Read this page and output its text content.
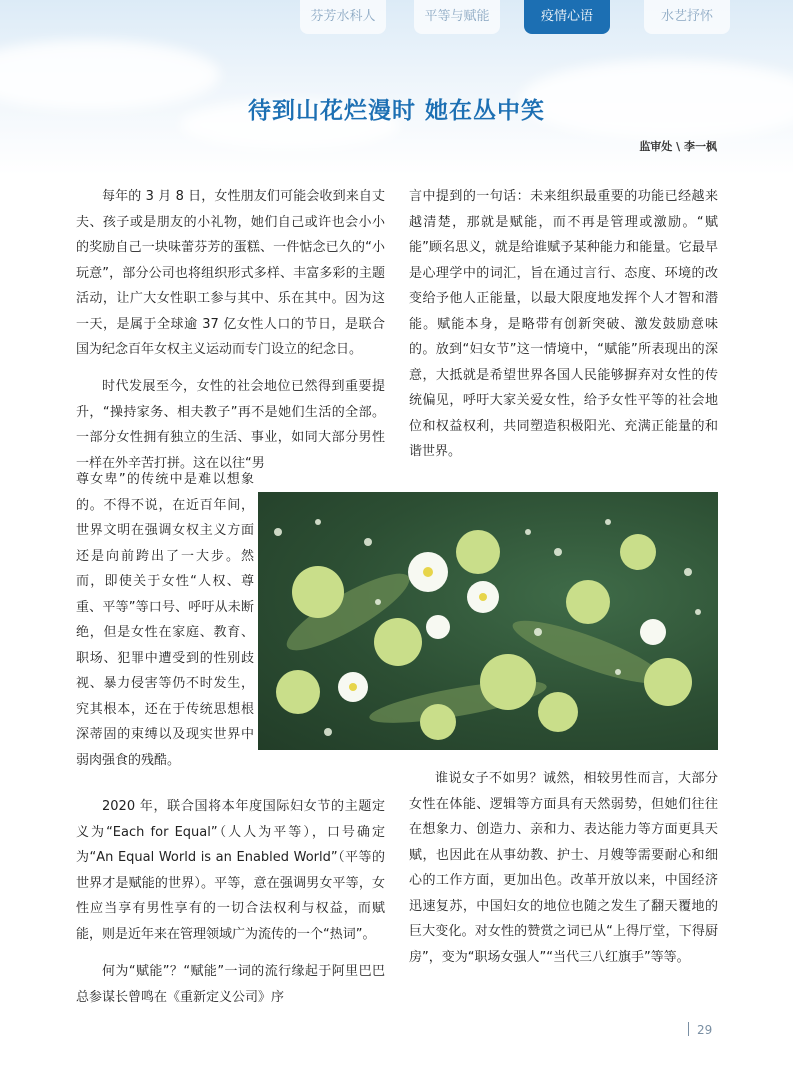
芬芳水科人	平等与赋能	疫情心语	水艺抒怀
待到山花烂漫时 她在丛中笑
监审处 \ 李一枫
每年的 3 月 8 日，女性朋友们可能会收到来自丈夫、孩子或是朋友的小礼物，她们自己或许也会小小的奖励自己一块味蕾芬芳的蛋糕、一件惦念已久的“小玩意”，部分公司也将组织形式多样、丰富多彩的主题活动，让广大女性职工参与其中、乐在其中。因为这一天，是属于全球逾 37 亿女性人口的节日，是联合国为纪念百年女权主义运动而专门设立的纪念日。
时代发展至今，女性的社会地位已然得到重要提升，“操持家务、相夫教子”再不是她们生活的全部。一部分女性拥有独立的生活、事业，如同大部分男性一样在外辛苦打拼。这在以往“男
尊女卑”的传统中是难以想象的。不得不说，在近百年间，世界文明在强调女权主义方面还是向前跨出了一大步。然而，即使关于女性“人权、尊重、平等”等口号、呼吁从未断绝，但是女性在家庭、教育、职场、犯罪中遭受到的性别歧视、暴力侵害等仍不时发生，究其根本，还在于传统思想根深蒂固的束缚以及现实世界中弱肉强食的残酷。
2020 年，联合国将本年度国际妇女节的主题定义为“Each for Equal”（人人为平等），口号确定为“An Equal World is an Enabled World”（平等的世界才是赋能的世界）。平等，意在强调男女平等，女性应当享有男性享有的一切合法权利与权益，而赋能，则是近年来在管理领域广为流传的一个“热词”。
何为“赋能”？“赋能”一词的流行缘起于阿里巴巴总参谋长曾鸣在《重新定义公司》序
言中提到的一句话：未来组织最重要的功能已经越来越清楚，那就是赋能，而不再是管理或激励。“赋能”顾名思义，就是给谁赋予某种能力和能量。它最早是心理学中的词汇，旨在通过言行、态度、环境的改变给予他人正能量，以最大限度地发挥个人才智和潜能。赋能本身，是略带有创新突破、激发鼓励意味的。放到“妇女节”这一情境中，“赋能”所表现出的深意，大抵就是希望世界各国人民能够摒弃对女性的传统偏见，呼吁大家关爱女性，给予女性平等的社会地位和权益权利，共同塑造积极阳光、充满正能量的和谐世界。
谁说女子不如男？诚然，相较男性而言，大部分女性在体能、逻辑等方面具有天然弱势，但她们往往在想象力、创造力、亲和力、表达能力等方面更具天赋，也因此在从事幼教、护士、月嫂等需要耐心和细心的工作方面，更加出色。改革开放以来，中国经济迅速复苏，中国妇女的地位也随之发生了翻天覆地的巨大变化。对女性的赞赏之词已从“上得厅堂，下得厨房”，变为“职场女强人”“当代三八红旗手”等等。
29
